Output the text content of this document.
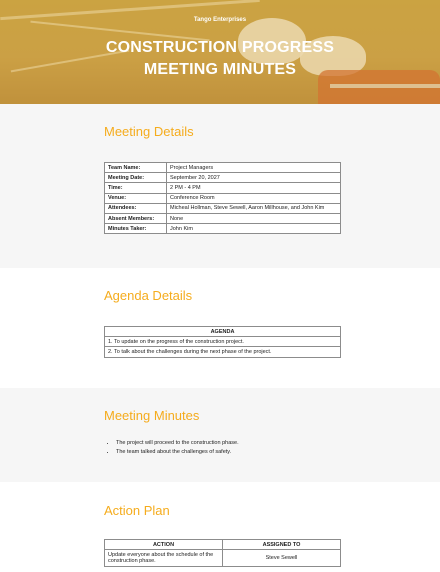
Tango Enterprises
CONSTRUCTION PROGRESS
MEETING MINUTES
Meeting Details
Team Name:	Project Managers
Meeting Date:	September 20, 2027
Time:	2 PM - 4 PM
Venue:	Conference Room
Attendees:	Micheal Hollman, Steve Sewell, Aaron Millhouse, and John Kim
Absent Members:	None
Minutes Taker:	John Kim
Agenda Details
AGENDA
1. To update on the progress of the construction project.
2. To talk about the challenges during the next phase of the project.
Meeting Minutes
• The project will proceed to the construction phase.
• The team talked about the challenges of safety.
Action Plan
ACTION	ASSIGNED TO
Update everyone about the schedule of the construction phase.	Steve Sewell
